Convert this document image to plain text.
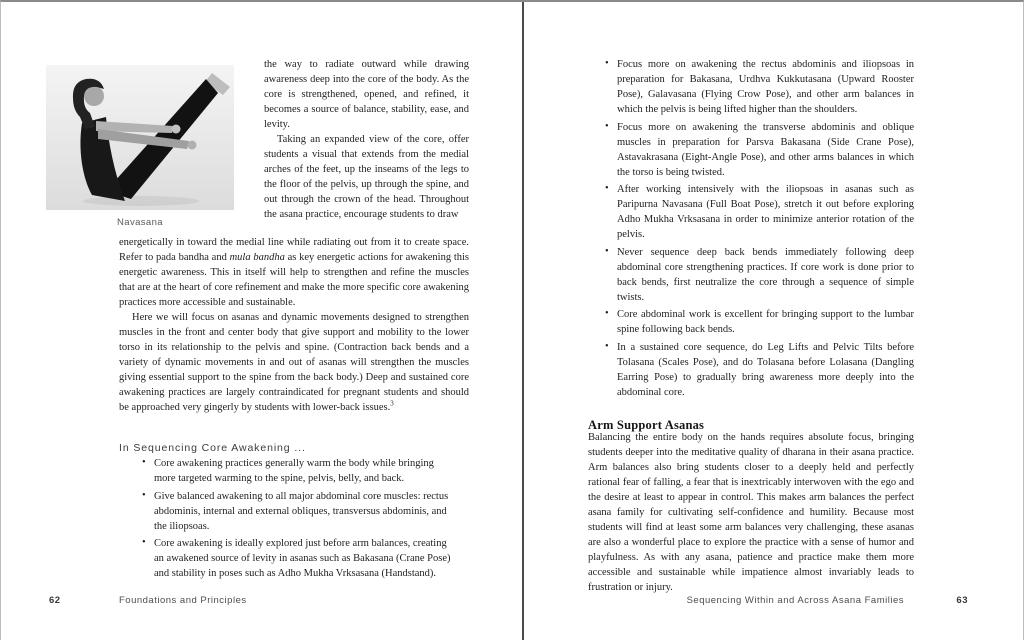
Navasana

the way to radiate outward while drawing awareness deep into the core of the body. As the core is strengthened, opened, and refined, it becomes a source of balance, stability, ease, and levity.

Taking an expanded view of the core, offer students a visual that extends from the medial arches of the feet, up the inseams of the legs to the floor of the pelvis, up through the spine, and out through the crown of the head. Throughout the asana practice, encourage students to draw

energetically in toward the medial line while radiating out from it to create space. Refer to pada bandha and mula bandha as key energetic actions for awakening this energetic awareness. This in itself will help to strengthen and refine the muscles that are at the heart of core refinement and make the more specific core awakening practices more accessible and sustainable.

Here we will focus on asanas and dynamic movements designed to strengthen muscles in the front and center body that give support and mobility to the lower torso in its relationship to the pelvis and spine. (Contraction back bends and a variety of dynamic movements in and out of asanas will strengthen the muscles giving essential support to the spine from the back body.) Deep and sustained core awakening practices are largely contraindicated for pregnant students and should be approached very gingerly by students with lower-back issues.$^3$

In Sequencing Core Awakening ...
• Core awakening practices generally warm the body while bringing more targeted warming to the spine, pelvis, belly, and back.
• Give balanced awakening to all major abdominal core muscles: rectus abdominis, internal and external obliques, transversus abdominis, and the iliopsoas.
• Core awakening is ideally explored just before arm balances, creating an awakened source of levity in asanas such as Bakasana (Crane Pose) and stability in poses such as Adho Mukha Vrksasana (Handstand).
62	Foundations and Principles
• Focus more on awakening the rectus abdominis and iliopsoas in preparation for Bakasana, Urdhva Kukkutasana (Upward Rooster Pose), Galavasana (Flying Crow Pose), and other arm balances in which the pelvis is being lifted higher than the shoulders.
• Focus more on awakening the transverse abdominis and oblique muscles in preparation for Parsva Bakasana (Side Crane Pose), Astavakrasana (Eight-Angle Pose), and other arms balances in which the torso is being twisted.
• After working intensively with the iliopsoas in asanas such as Paripurna Navasana (Full Boat Pose), stretch it out before exploring Adho Mukha Vrksasana in order to minimize anterior rotation of the pelvis.
• Never sequence deep back bends immediately following deep abdominal core strengthening practices. If core work is done prior to back bends, first neutralize the core through a sequence of simple twists.
• Core abdominal work is excellent for bringing support to the lumbar spine following back bends.
• In a sustained core sequence, do Leg Lifts and Pelvic Tilts before Tolasana (Scales Pose), and do Tolasana before Lolasana (Dangling Earring Pose) to gradually bring awareness more deeply into the abdominal core.
Arm Support Asanas

Balancing the entire body on the hands requires absolute focus, bringing students deeper into the meditative quality of dharana in their asana practice. Arm balances also bring students closer to a deeply held and perfectly rational fear of falling, a fear that is inextricably interwoven with the ego and the desire at least to appear in control. This makes arm balances the perfect asana family for cultivating self-confidence and humility. Because most students will find at least some arm balances very challenging, these asanas are also a wonderful place to explore the practice with a sense of humor and playfulness. As with any asana, patience and practice make them more accessible and sustainable while impatience almost invariably leads to frustration or injury.

Sequencing Within and Across Asana Families	63
